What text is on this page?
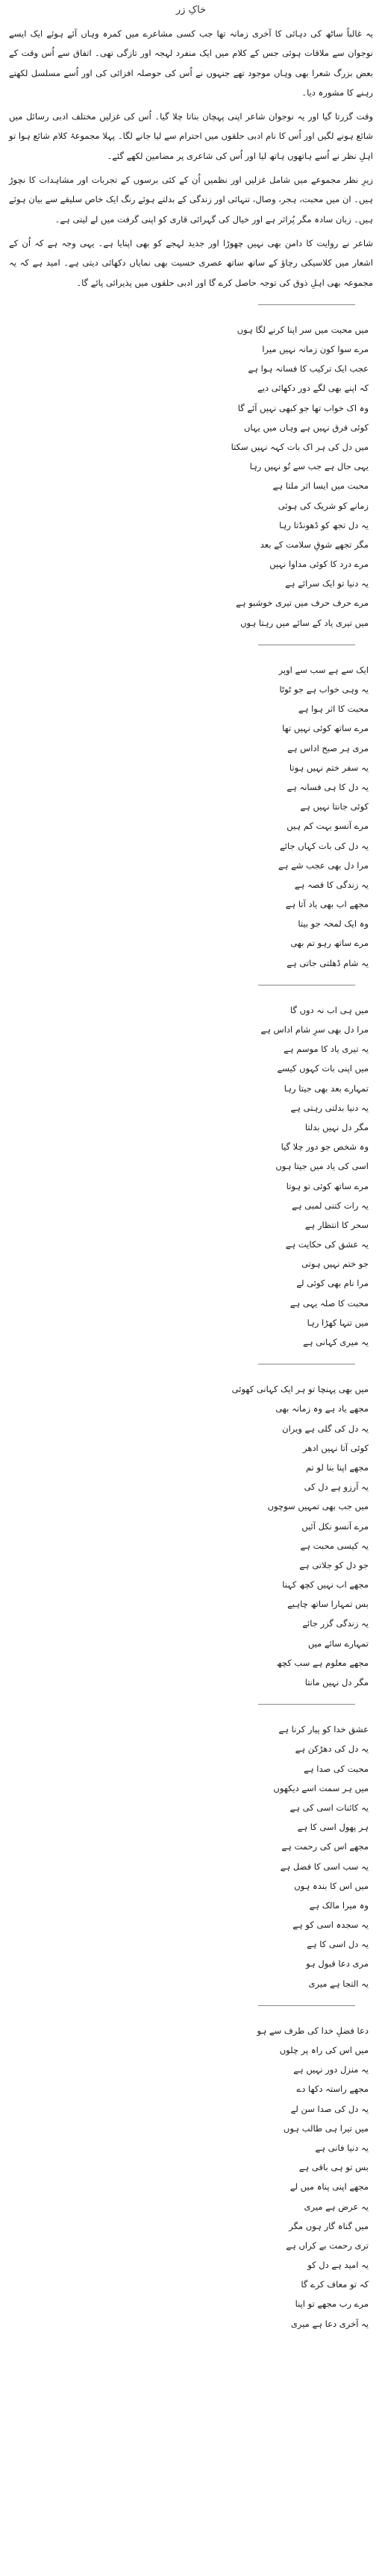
خاکِ زر

یہ غالباً ساٹھ کی دہائی کا آخری زمانہ تھا جب کسی مشاعرے میں کمرہ وہاں آئے ہوئے ایک ایسے نوجوان سے ملاقات ہوئی جس کے کلام میں ایک منفرد لہجہ اور تازگی تھی۔ اتفاق سے اُس وقت کے بعض بزرگ شعرا بھی وہاں موجود تھے جنہوں نے اُس کی حوصلہ افزائی کی اور اُسے مسلسل لکھتے رہنے کا مشورہ دیا۔

وقت گزرتا گیا اور یہ نوجوان شاعر اپنی پہچان بناتا چلا گیا۔ اُس کی غزلیں مختلف ادبی رسائل میں شائع ہونے لگیں اور اُس کا نام ادبی حلقوں میں احترام سے لیا جانے لگا۔ پہلا مجموعۂ کلام شائع ہوا تو اہلِ نظر نے اُسے ہاتھوں ہاتھ لیا اور اُس کی شاعری پر مضامین لکھے گئے۔

زیرِ نظر مجموعے میں شامل غزلیں اور نظمیں اُن کے کئی برسوں کے تجربات اور مشاہدات کا نچوڑ ہیں۔ ان میں محبت، ہجر، وصال، تنہائی اور زندگی کے بدلتے ہوئے رنگ ایک خاص سلیقے سے بیان ہوئے ہیں۔ زبان سادہ مگر پُراثر ہے اور خیال کی گہرائی قاری کو اپنی گرفت میں لے لیتی ہے۔

شاعر نے روایت کا دامن بھی نہیں چھوڑا اور جدید لہجے کو بھی اپنایا ہے۔ یہی وجہ ہے کہ اُن کے اشعار میں کلاسیکی رچاؤ کے ساتھ ساتھ عصری حسیت بھی نمایاں دکھائی دیتی ہے۔ امید ہے کہ یہ مجموعہ بھی اہلِ ذوق کی توجہ حاصل کرے گا اور ادبی حلقوں میں پذیرائی پائے گا۔

میں محبت میں سر اپنا کرنے لگا ہوں
مرے سوا کون زمانہ نہیں میرا
عجب ایک ترکیب کا فسانہ ہوا ہے
کہ اپنے بھی لگے دور دکھائی دیے
وہ اک خواب تھا جو کبھی نہیں آئے گا
کوئی فرق نہیں ہے وہاں میں یہاں
میں دل کی ہر اک بات کہہ نہیں سکتا
یہی حال ہے جب سے تُو نہیں رہا
محبت میں ایسا اثر ملتا ہے
زمانے کو شریک کی ہوئی
یہ دل تجھ کو ڈھونڈتا رہا
مگر تجھے شوقِ سلامت کے بعد
مرے درد کا کوئی مداوا نہیں
یہ دنیا تو ایک سرائے ہے
مرے حرف حرف میں تیری خوشبو ہے
میں تیری یاد کے سائے میں رہتا ہوں
ایک سے ہے سب سے اوپر
یہ وہی خواب ہے جو ٹوٹا
محبت کا اثر ہوا ہے
مرے ساتھ کوئی نہیں تھا
مری ہر صبح اداس ہے
یہ سفر ختم نہیں ہوتا
یہ دل کا ہی فسانہ ہے
کوئی جانتا نہیں ہے
مرے آنسو بہت کم ہیں
یہ دل کی بات کہاں جائے
مرا دل بھی عجب شے ہے
یہ زندگی کا قصہ ہے
مجھے اب بھی یاد آتا ہے
وہ ایک لمحہ جو بیتا
مرے ساتھ رہو تم بھی
یہ شام ڈھلتی جاتی ہے
میں ہی اب نہ دوں گا
مرا دل بھی سرِ شام اداس ہے
یہ تیری یاد کا موسم ہے
میں اپنی بات کہوں کیسے
تمہارے بعد بھی جیتا رہا
یہ دنیا بدلتی رہتی ہے
مگر دل نہیں بدلتا
وہ شخص جو دور چلا گیا
اسی کی یاد میں جیتا ہوں
مرے ساتھ کوئی تو ہوتا
یہ رات کتنی لمبی ہے
سحر کا انتظار ہے
یہ عشق کی حکایت ہے
جو ختم نہیں ہوتی
مرا نام بھی کوئی لے
محبت کا صلہ یہی ہے
میں تنہا کھڑا رہا
یہ میری کہانی ہے
میں بھی پہنچا تو ہر ایک کہانی کھوئی
مجھے یاد ہے وہ زمانہ بھی
یہ دل کی گلی ہے ویران
کوئی آتا نہیں ادھر
مجھے اپنا بنا لو تم
یہ آرزو ہے دل کی
میں جب بھی تمہیں سوچوں
مرے آنسو نکل آئیں
یہ کیسی محبت ہے
جو دل کو جلاتی ہے
مجھے اب نہیں کچھ کہنا
بس تمہارا ساتھ چاہیے
یہ زندگی گزر جائے
تمہارے سائے میں
مجھے معلوم ہے سب کچھ
مگر دل نہیں مانتا
عشق خدا کو پیار کرنا ہے
یہ دل کی دھڑکن ہے
محبت کی صدا ہے
میں ہر سمت اسے دیکھوں
یہ کائنات اسی کی ہے
ہر پھول اسی کا ہے
مجھے اس کی رحمت ہے
یہ سب اسی کا فضل ہے
میں اس کا بندہ ہوں
وہ میرا مالک ہے
یہ سجدہ اسی کو ہے
یہ دل اسی کا ہے
مری دعا قبول ہو
یہ التجا ہے میری
دعا فضلِ خدا کی طرف سے ہو
میں اس کی راہ پر چلوں
یہ منزل دور نہیں ہے
مجھے راستہ دکھا دے
یہ دل کی صدا سن لے
میں تیرا ہی طالب ہوں
یہ دنیا فانی ہے
بس تو ہی باقی ہے
مجھے اپنی پناہ میں لے
یہ عرض ہے میری
میں گناہ گار ہوں مگر
تری رحمت بے کراں ہے
یہ امید ہے دل کو
کہ تو معاف کرے گا
مرے رب مجھے تو اپنا
یہ آخری دعا ہے میری
